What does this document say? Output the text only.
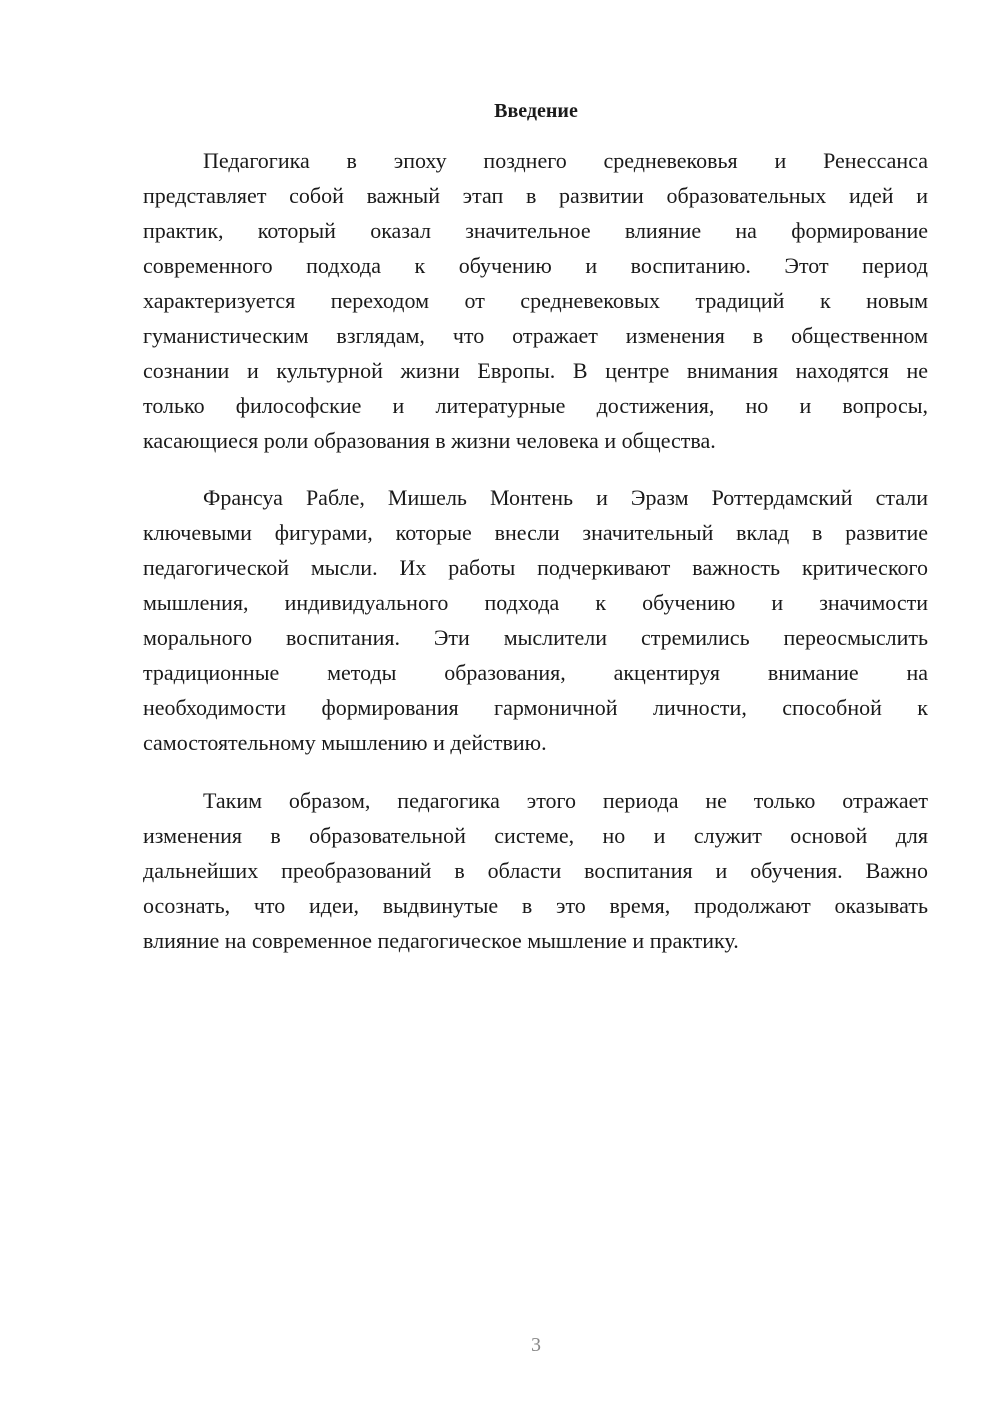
Введение
Педагогика в эпоху позднего средневековья и Ренессанса
представляет собой важный этап в развитии образовательных идей и
практик, который оказал значительное влияние на формирование
современного подхода к обучению и воспитанию. Этот период
характеризуется переходом от средневековых традиций к новым
гуманистическим взглядам, что отражает изменения в общественном
сознании и культурной жизни Европы. В центре внимания находятся не
только философские и литературные достижения, но и вопросы,
касающиеся роли образования в жизни человека и общества.
Франсуа Рабле, Мишель Монтень и Эразм Роттердамский стали
ключевыми фигурами, которые внесли значительный вклад в развитие
педагогической мысли. Их работы подчеркивают важность критического
мышления, индивидуального подхода к обучению и значимости
морального воспитания. Эти мыслители стремились переосмыслить
традиционные методы образования, акцентируя внимание на
необходимости формирования гармоничной личности, способной к
самостоятельному мышлению и действию.
Таким образом, педагогика этого периода не только отражает
изменения в образовательной системе, но и служит основой для
дальнейших преобразований в области воспитания и обучения. Важно
осознать, что идеи, выдвинутые в это время, продолжают оказывать
влияние на современное педагогическое мышление и практику.
3
